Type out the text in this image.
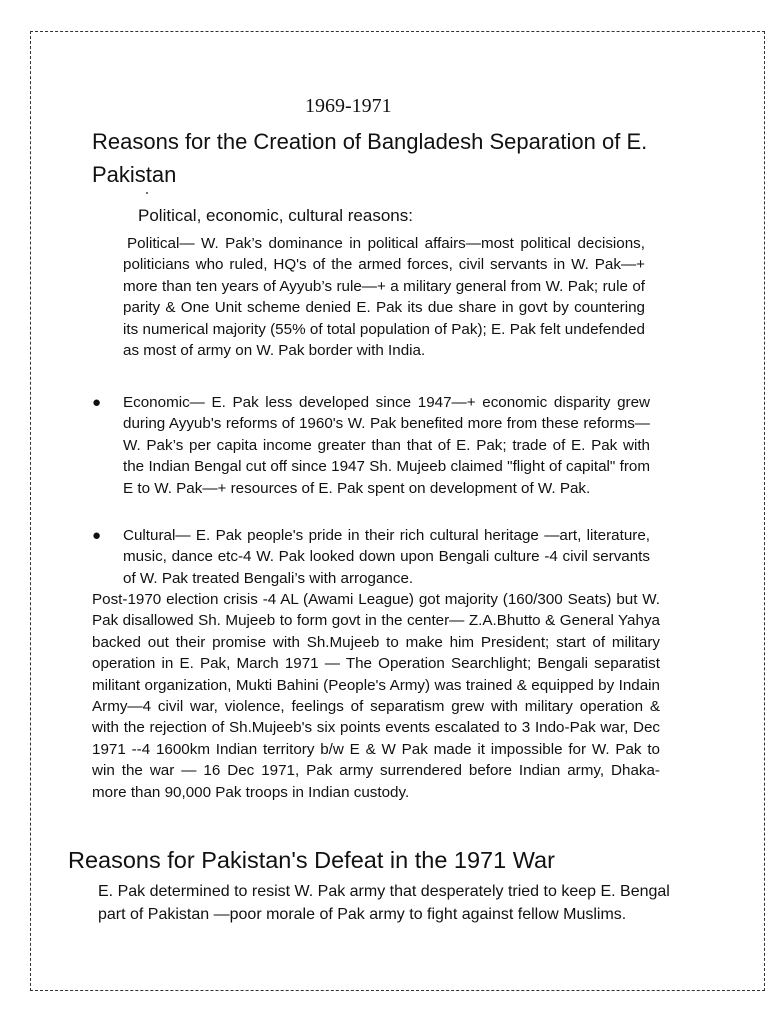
1969-1971
Reasons for the Creation of Bangladesh Separation of E. Pakistan
Political, economic, cultural reasons:
Political— W. Pak’s dominance in political affairs—most political decisions, politicians who ruled, HQ's of the armed forces, civil servants in W. Pak—+ more than ten years of Ayyub’s rule—+ a military general from W. Pak; rule of parity & One Unit scheme denied E. Pak its due share in govt by countering its numerical majority (55% of total population of Pak); E. Pak felt undefended as most of army on W. Pak border with India.
● Economic— E. Pak less developed since 1947—+ economic disparity grew during Ayyub's reforms of 1960's W. Pak benefited more from these reforms— W. Pak’s per capita income greater than that of E. Pak; trade of E. Pak with the Indian Bengal cut off since 1947 Sh. Mujeeb claimed "flight of capital" from E to W. Pak—+ resources of E. Pak spent on development of W. Pak.
● Cultural— E. Pak people's pride in their rich cultural heritage —art, literature, music, dance etc-4 W. Pak looked down upon Bengali culture -4 civil servants of W. Pak treated Bengali’s with arrogance.
Post-1970 election crisis -4 AL (Awami League) got majority (160/300 Seats) but W. Pak disallowed Sh. Mujeeb to form govt in the center— Z.A.Bhutto & General Yahya backed out their promise with Sh.Mujeeb to make him President; start of military operation in E. Pak, March 1971 — The Operation Searchlight; Bengali separatist militant organization, Mukti Bahini (People's Army) was trained & equipped by Indain Army—4 civil war, violence, feelings of separatism grew with military operation & with the rejection of Sh.Mujeeb's six points events escalated to 3 Indo-Pak war, Dec 1971 --4 1600km Indian territory b/w E & W Pak made it impossible for W. Pak to win the war — 16 Dec 1971, Pak army surrendered before Indian army, Dhaka- more than 90,000 Pak troops in Indian custody.
Reasons for Pakistan's Defeat in the 1971 War
E. Pak determined to resist W. Pak army that desperately tried to keep E. Bengal part of Pakistan —poor morale of Pak army to fight against fellow Muslims.
